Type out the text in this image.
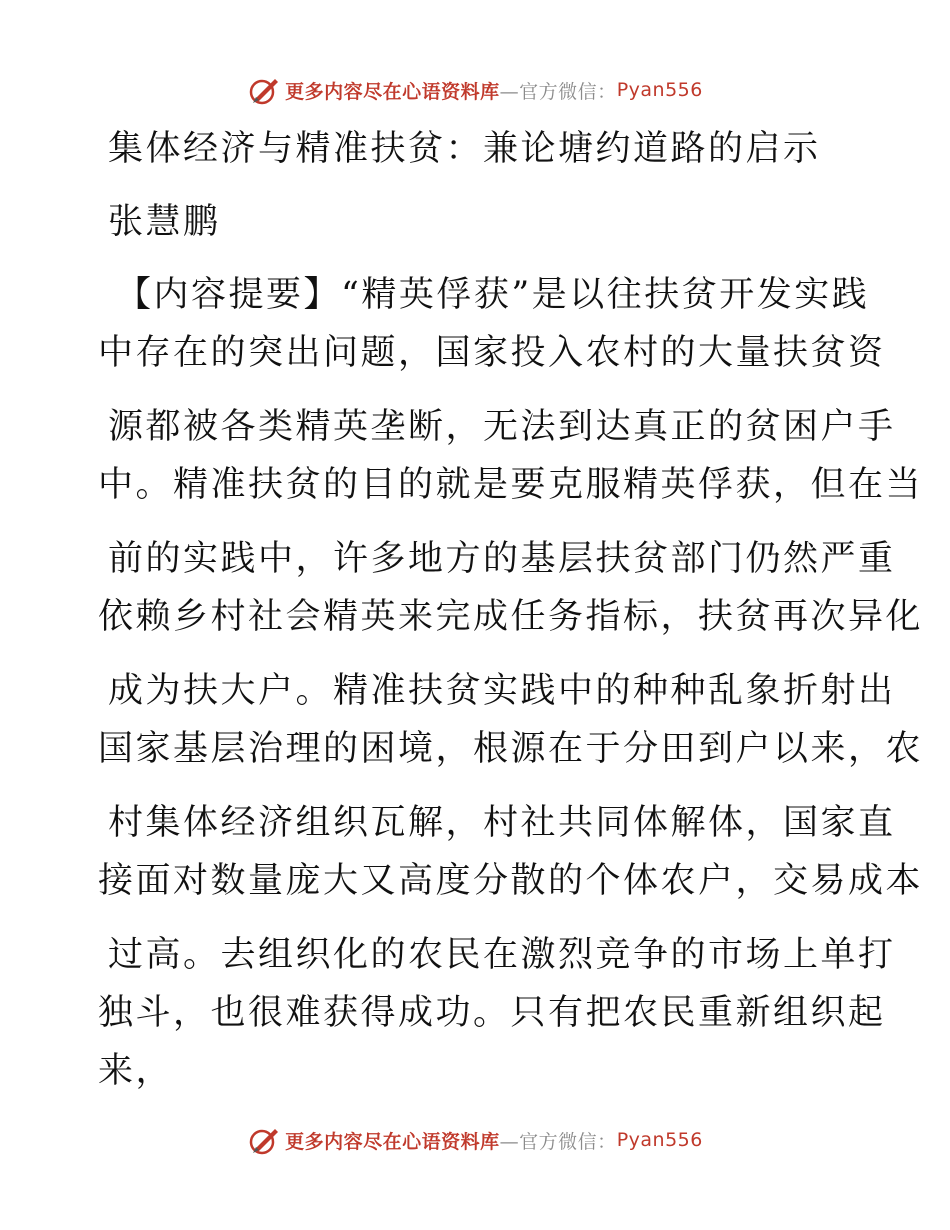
更多内容尽在心语资料库 —官方微信： Pyan556
集体经济与精准扶贫：兼论塘约道路的启示
张慧鹏
【内容提要】“精英俘获”是以往扶贫开发实践
中存在的突出问题，国家投入农村的大量扶贫资
源都被各类精英垄断，无法到达真正的贫困户手
中。精准扶贫的目的就是要克服精英俘获，但在当
前的实践中，许多地方的基层扶贫部门仍然严重
依赖乡村社会精英来完成任务指标，扶贫再次异化
成为扶大户。精准扶贫实践中的种种乱象折射出
国家基层治理的困境，根源在于分田到户以来，农
村集体经济组织瓦解，村社共同体解体，国家直
接面对数量庞大又高度分散的个体农户，交易成本
过高。去组织化的农民在激烈竞争的市场上单打
独斗，也很难获得成功。只有把农民重新组织起
来，
更多内容尽在心语资料库 —官方微信： Pyan556
